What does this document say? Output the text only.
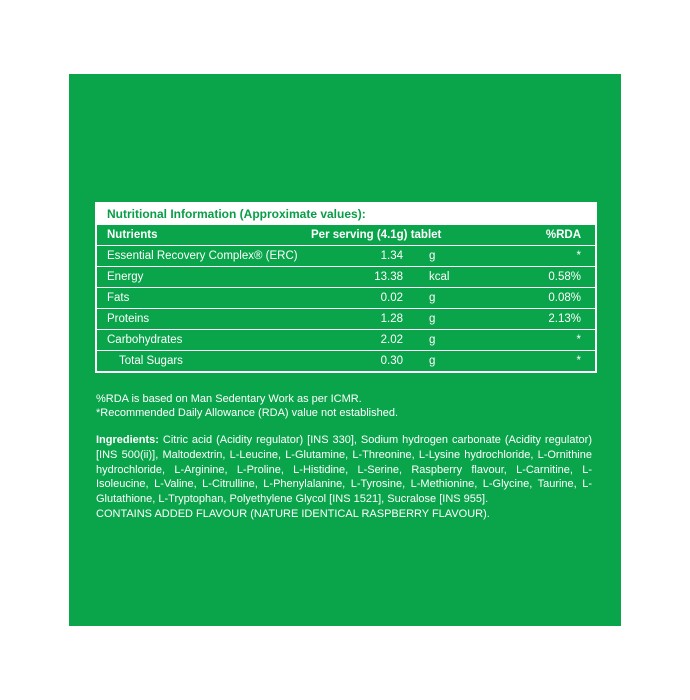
Nutritional Information (Approximate values):
Nutrients	Per serving (4.1g) tablet	%RDA
Essential Recovery Complex® (ERC)	1.34 g	*
Energy	13.38 kcal	0.58%
Fats	0.02 g	0.08%
Proteins	1.28 g	2.13%
Carbohydrates	2.02 g	*
Total Sugars	0.30 g	*

%RDA is based on Man Sedentary Work as per ICMR.

*Recommended Daily Allowance (RDA) value not established.

Ingredients: Citric acid (Acidity regulator) [INS 330], Sodium hydrogen carbonate (Acidity regulator) [INS 500(ii)], Maltodextrin, L-Leucine, L-Glutamine, L-Threonine, L-Lysine hydrochloride, L-Ornithine hydrochloride, L-Arginine, L-Proline, L-Histidine, L-Serine, Raspberry flavour, L-Carnitine, L-Isoleucine, L-Valine, L-Citrulline, L-Phenylalanine, L-Tyrosine, L-Methionine, L-Glycine, Taurine, L-Glutathione, L-Tryptophan, Polyethylene Glycol [INS 1521], Sucralose [INS 955].

CONTAINS ADDED FLAVOUR (NATURE IDENTICAL RASPBERRY FLAVOUR).
